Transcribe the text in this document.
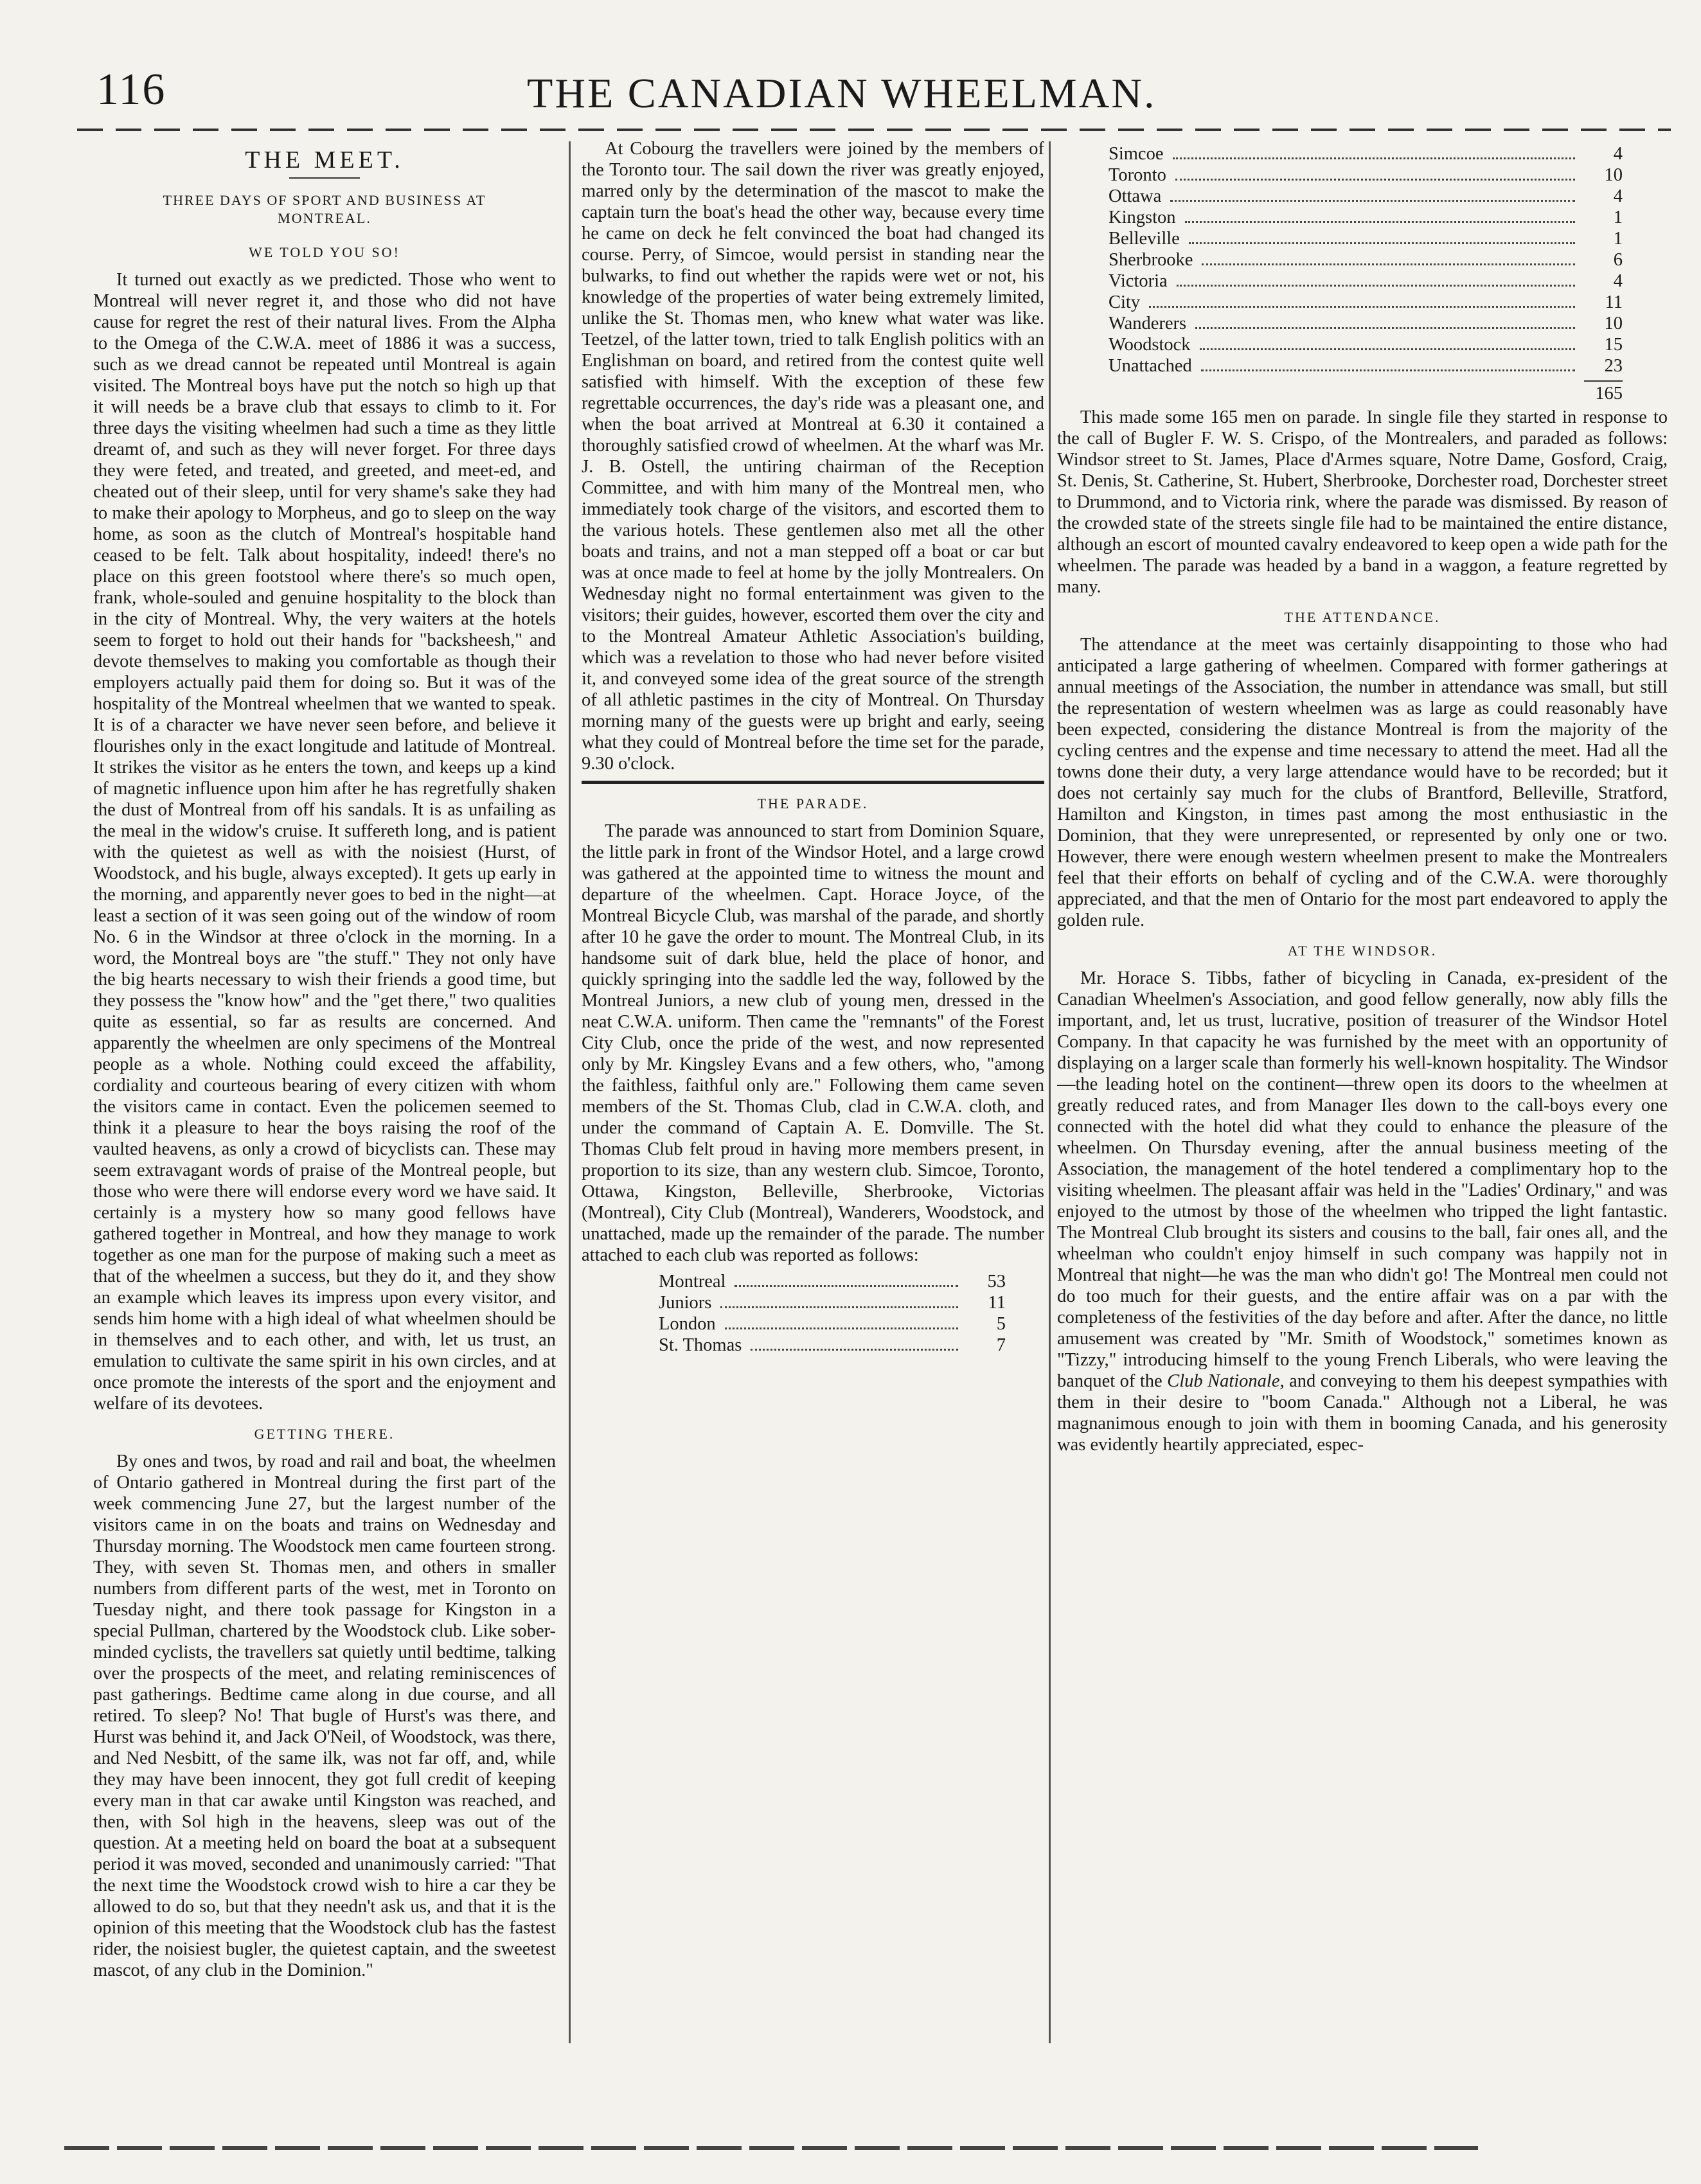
116	THE CANADIAN WHEELMAN.
THE MEET.
THREE DAYS OF SPORT AND BUSINESS AT MONTREAL.
WE TOLD YOU SO!

It turned out exactly as we predicted. Those who went to Montreal will never regret it, and those who did not have cause for regret the rest of their natural lives. From the Alpha to the Omega of the C.W.A. meet of 1886 it was a success, such as we dread cannot be repeated until Montreal is again visited. The Montreal boys have put the notch so high up that it will needs be a brave club that essays to climb to it. For three days the visiting wheelmen had such a time as they little dreamt of, and such as they will never forget. For three days they were feted, and treated, and greeted, and meet-ed, and cheated out of their sleep, until for very shame's sake they had to make their apology to Morpheus, and go to sleep on the way home, as soon as the clutch of Montreal's hospitable hand ceased to be felt. Talk about hospitality, indeed! there's no place on this green footstool where there's so much open, frank, whole-souled and genuine hospitality to the block than in the city of Montreal. Why, the very waiters at the hotels seem to forget to hold out their hands for "backsheesh," and devote themselves to making you comfortable as though their employers actually paid them for doing so. But it was of the hospitality of the Montreal wheelmen that we wanted to speak. It is of a character we have never seen before, and believe it flourishes only in the exact longitude and latitude of Montreal. It strikes the visitor as he enters the town, and keeps up a kind of magnetic influence upon him after he has regretfully shaken the dust of Montreal from off his sandals. It is as unfailing as the meal in the widow's cruise. It suffereth long, and is patient with the quietest as well as with the noisiest (Hurst, of Woodstock, and his bugle, always excepted). It gets up early in the morning, and apparently never goes to bed in the night—at least a section of it was seen going out of the window of room No. 6 in the Windsor at three o'clock in the morning. In a word, the Montreal boys are "the stuff." They not only have the big hearts necessary to wish their friends a good time, but they possess the "know how" and the "get there," two qualities quite as essential, so far as results are concerned. And apparently the wheelmen are only specimens of the Montreal people as a whole. Nothing could exceed the affability, cordiality and courteous bearing of every citizen with whom the visitors came in contact. Even the policemen seemed to think it a pleasure to hear the boys raising the roof of the vaulted heavens, as only a crowd of bicyclists can. These may seem extravagant words of praise of the Montreal people, but those who were there will endorse every word we have said. It certainly is a mystery how so many good fellows have gathered together in Montreal, and how they manage to work together as one man for the purpose of making such a meet as that of the wheelmen a success, but they do it, and they show an example which leaves its impress upon every visitor, and sends him home with a high ideal of what wheelmen should be in themselves and to each other, and with, let us trust, an emulation to cultivate the same spirit in his own circles, and at once promote the interests of the sport and the enjoyment and welfare of its devotees.

GETTING THERE.

By ones and twos, by road and rail and boat, the wheelmen of Ontario gathered in Montreal during the first part of the week commencing June 27, but the largest number of the visitors came in on the boats and trains on Wednesday and Thursday morning. The Woodstock men came fourteen strong. They, with seven St. Thomas men, and others in smaller numbers from different parts of the west, met in Toronto on Tuesday night, and there took passage for Kingston in a special Pullman, chartered by the Woodstock club. Like sober-minded cyclists, the travellers sat quietly until bedtime, talking over the prospects of the meet, and relating reminiscences of past gatherings. Bedtime came along in due course, and all retired. To sleep? No! That bugle of Hurst's was there, and Hurst was behind it, and Jack O'Neil, of Woodstock, was there, and Ned Nesbitt, of the same ilk, was not far off, and, while they may have been innocent, they got full credit of keeping every man in that car awake until Kingston was reached, and then, with Sol high in the heavens, sleep was out of the question. At a meeting held on board the boat at a subsequent period it was moved, seconded and unanimously carried: "That the next time the Woodstock crowd wish to hire a car they be allowed to do so, but that they needn't ask us, and that it is the opinion of this meeting that the Woodstock club has the fastest rider, the noisiest bugler, the quietest captain, and the sweetest mascot, of any club in the Dominion."

At Cobourg the travellers were joined by the members of the Toronto tour. The sail down the river was greatly enjoyed, marred only by the determination of the mascot to make the captain turn the boat's head the other way, because every time he came on deck he felt convinced the boat had changed its course. Perry, of Simcoe, would persist in standing near the bulwarks, to find out whether the rapids were wet or not, his knowledge of the properties of water being extremely limited, unlike the St. Thomas men, who knew what water was like. Teetzel, of the latter town, tried to talk English politics with an Englishman on board, and retired from the contest quite well satisfied with himself. With the exception of these few regrettable occurrences, the day's ride was a pleasant one, and when the boat arrived at Montreal at 6.30 it contained a thoroughly satisfied crowd of wheelmen. At the wharf was Mr. J. B. Ostell, the untiring chairman of the Reception Committee, and with him many of the Montreal men, who immediately took charge of the visitors, and escorted them to the various hotels. These gentlemen also met all the other boats and trains, and not a man stepped off a boat or car but was at once made to feel at home by the jolly Montrealers. On Wednesday night no formal entertainment was given to the visitors; their guides, however, escorted them over the city and to the Montreal Amateur Athletic Association's building, which was a revelation to those who had never before visited it, and conveyed some idea of the great source of the strength of all athletic pastimes in the city of Montreal. On Thursday morning many of the guests were up bright and early, seeing what they could of Montreal before the time set for the parade, 9.30 o'clock.

THE PARADE.

The parade was announced to start from Dominion Square, the little park in front of the Windsor Hotel, and a large crowd was gathered at the appointed time to witness the mount and departure of the wheelmen. Capt. Horace Joyce, of the Montreal Bicycle Club, was marshal of the parade, and shortly after 10 he gave the order to mount. The Montreal Club, in its handsome suit of dark blue, held the place of honor, and quickly springing into the saddle led the way, followed by the Montreal Juniors, a new club of young men, dressed in the neat C.W.A. uniform. Then came the "remnants" of the Forest City Club, once the pride of the west, and now represented only by Mr. Kingsley Evans and a few others, who, "among the faithless, faithful only are." Following them came seven members of the St. Thomas Club, clad in C.W.A. cloth, and under the command of Captain A. E. Domville. The St. Thomas Club felt proud in having more members present, in proportion to its size, than any western club. Simcoe, Toronto, Ottawa, Kingston, Belleville, Sherbrooke, Victorias (Montreal), City Club (Montreal), Wanderers, Woodstock, and unattached, made up the remainder of the parade. The number attached to each club was reported as follows:

Montreal	53
Juniors	11
London	5
St. Thomas	7
Simcoe	4
Toronto	10
Ottawa	4
Kingston	1
Belleville	1
Sherbrooke	6
Victoria	4
City	11
Wanderers	10
Woodstock	15
Unattached	23
165

This made some 165 men on parade. In single file they started in response to the call of Bugler F. W. S. Crispo, of the Montrealers, and paraded as follows: Windsor street to St. James, Place d'Armes square, Notre Dame, Gosford, Craig, St. Denis, St. Catherine, St. Hubert, Sherbrooke, Dorchester road, Dorchester street to Drummond, and to Victoria rink, where the parade was dismissed. By reason of the crowded state of the streets single file had to be maintained the entire distance, although an escort of mounted cavalry endeavored to keep open a wide path for the wheelmen. The parade was headed by a band in a waggon, a feature regretted by many.

THE ATTENDANCE.

The attendance at the meet was certainly disappointing to those who had anticipated a large gathering of wheelmen. Compared with former gatherings at annual meetings of the Association, the number in attendance was small, but still the representation of western wheelmen was as large as could reasonably have been expected, considering the distance Montreal is from the majority of the cycling centres and the expense and time necessary to attend the meet. Had all the towns done their duty, a very large attendance would have to be recorded; but it does not certainly say much for the clubs of Brantford, Belleville, Stratford, Hamilton and Kingston, in times past among the most enthusiastic in the Dominion, that they were unrepresented, or represented by only one or two. However, there were enough western wheelmen present to make the Montrealers feel that their efforts on behalf of cycling and of the C.W.A. were thoroughly appreciated, and that the men of Ontario for the most part endeavored to apply the golden rule.

AT THE WINDSOR.

Mr. Horace S. Tibbs, father of bicycling in Canada, ex-president of the Canadian Wheelmen's Association, and good fellow generally, now ably fills the important, and, let us trust, lucrative, position of treasurer of the Windsor Hotel Company. In that capacity he was furnished by the meet with an opportunity of displaying on a larger scale than formerly his well-known hospitality. The Windsor—the leading hotel on the continent—threw open its doors to the wheelmen at greatly reduced rates, and from Manager Iles down to the call-boys every one connected with the hotel did what they could to enhance the pleasure of the wheelmen. On Thursday evening, after the annual business meeting of the Association, the management of the hotel tendered a complimentary hop to the visiting wheelmen. The pleasant affair was held in the "Ladies' Ordinary," and was enjoyed to the utmost by those of the wheelmen who tripped the light fantastic. The Montreal Club brought its sisters and cousins to the ball, fair ones all, and the wheelman who couldn't enjoy himself in such company was happily not in Montreal that night—he was the man who didn't go! The Montreal men could not do too much for their guests, and the entire affair was on a par with the completeness of the festivities of the day before and after. After the dance, no little amusement was created by "Mr. Smith of Woodstock," sometimes known as "Tizzy," introducing himself to the young French Liberals, who were leaving the banquet of the Club Nationale, and conveying to them his deepest sympathies with them in their desire to "boom Canada." Although not a Liberal, he was magnanimous enough to join with them in booming Canada, and his generosity was evidently heartily appreciated, espec-
